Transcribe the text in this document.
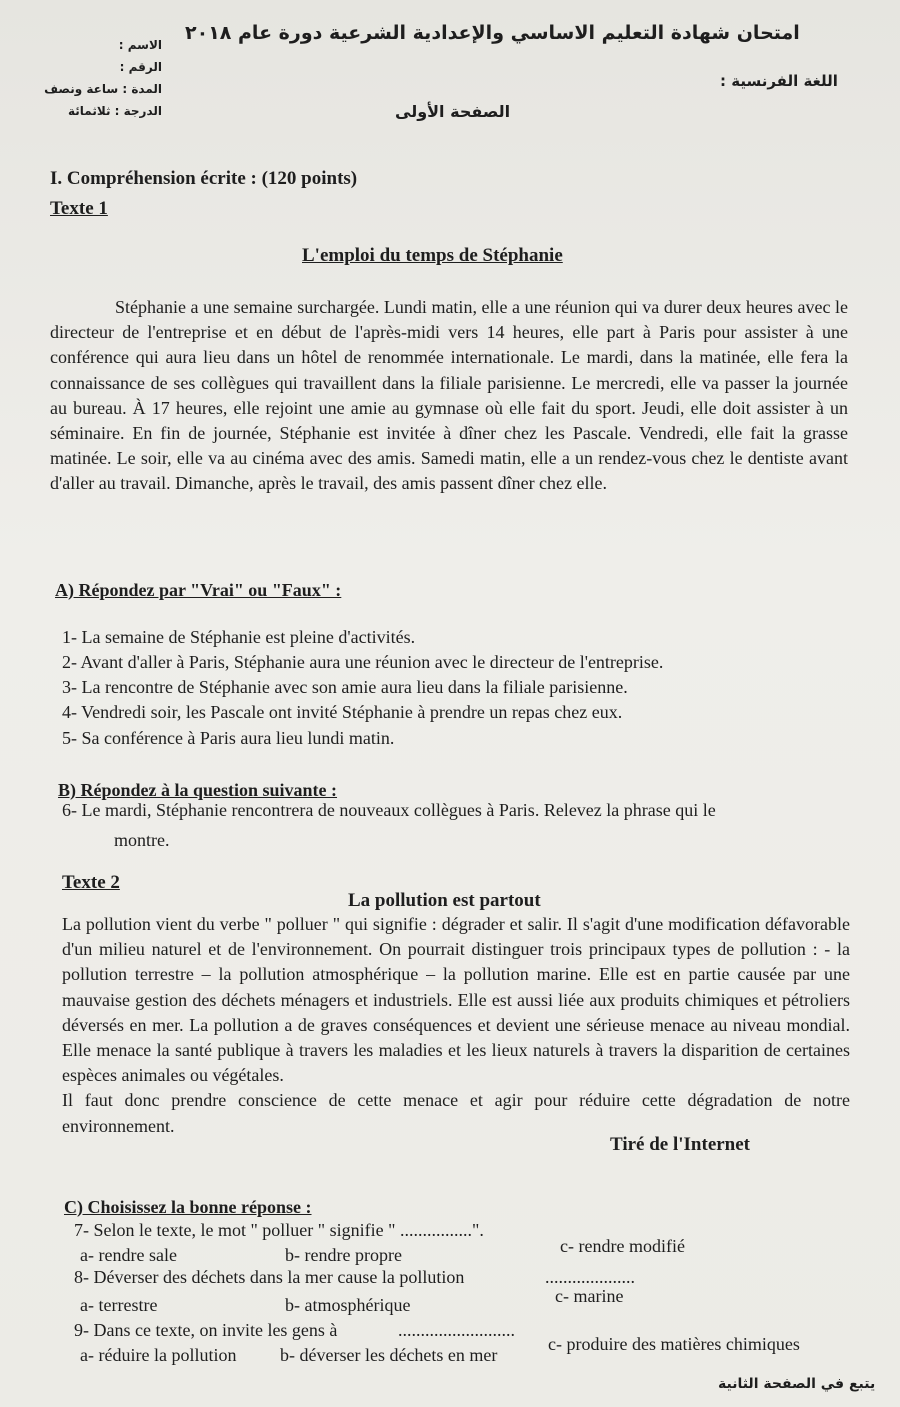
امتحان شهادة التعليم الاساسي والإعدادية الشرعية دورة عام ٢٠١٨
اللغة الفرنسية :
الصفحة الأولى
الاسم :
الرقم :
المدة : ساعة ونصف
الدرجة : ثلاثمائة
I. Compréhension écrite : (120 points)
Texte 1
L'emploi du temps de Stéphanie

Stéphanie a une semaine surchargée. Lundi matin, elle a une réunion qui va durer deux heures avec le directeur de l'entreprise et en début de l'après-midi vers 14 heures, elle part à Paris pour assister à une conférence qui aura lieu dans un hôtel de renommée internationale. Le mardi, dans la matinée, elle fera la connaissance de ses collègues qui travaillent dans la filiale parisienne. Le mercredi, elle va passer la journée au bureau. À 17 heures, elle rejoint une amie au gymnase où elle fait du sport. Jeudi, elle doit assister à un séminaire. En fin de journée, Stéphanie est invitée à dîner chez les Pascale. Vendredi, elle fait la grasse matinée. Le soir, elle va au cinéma avec des amis. Samedi matin, elle a un rendez-vous chez le dentiste avant d'aller au travail. Dimanche, après le travail, des amis passent dîner chez elle.

A) Répondez par "Vrai" ou "Faux" :
1- La semaine de Stéphanie est pleine d'activités.
2- Avant d'aller à Paris, Stéphanie aura une réunion avec le directeur de l'entreprise.
3- La rencontre de Stéphanie avec son amie aura lieu dans la filiale parisienne.
4- Vendredi soir, les Pascale ont invité Stéphanie à prendre un repas chez eux.
5- Sa conférence à Paris aura lieu lundi matin.
B) Répondez à la question suivante :
6- Le mardi, Stéphanie rencontrera de nouveaux collègues à Paris. Relevez la phrase qui le
montre.
Texte 2
La pollution est partout

La pollution vient du verbe " polluer " qui signifie : dégrader et salir. Il s'agit d'une modification défavorable d'un milieu naturel et de l'environnement. On pourrait distinguer trois principaux types de pollution : - la pollution terrestre – la pollution atmosphérique – la pollution marine. Elle est en partie causée par une mauvaise gestion des déchets ménagers et industriels. Elle est aussi liée aux produits chimiques et pétroliers déversés en mer. La pollution a de graves conséquences et devient une sérieuse menace au niveau mondial. Elle menace la santé publique à travers les maladies et les lieux naturels à travers la disparition de certaines espèces animales ou végétales.

Il faut donc prendre conscience de cette menace et agir pour réduire cette dégradation de notre environnement.

Tiré de l'Internet
C) Choisissez la bonne réponse :
7- Selon le texte, le mot " polluer " signifie " ................".
a- rendre sale	b- rendre propre	c- rendre modifié
8- Déverser des déchets dans la mer cause la pollution	....................
a- terrestre	b- atmosphérique	c- marine
9- Dans ce texte, on invite les gens à	..........................
a- réduire la pollution b- déverser les déchets en mer
c- produire des matières chimiques
يتبع في الصفحة الثانية
